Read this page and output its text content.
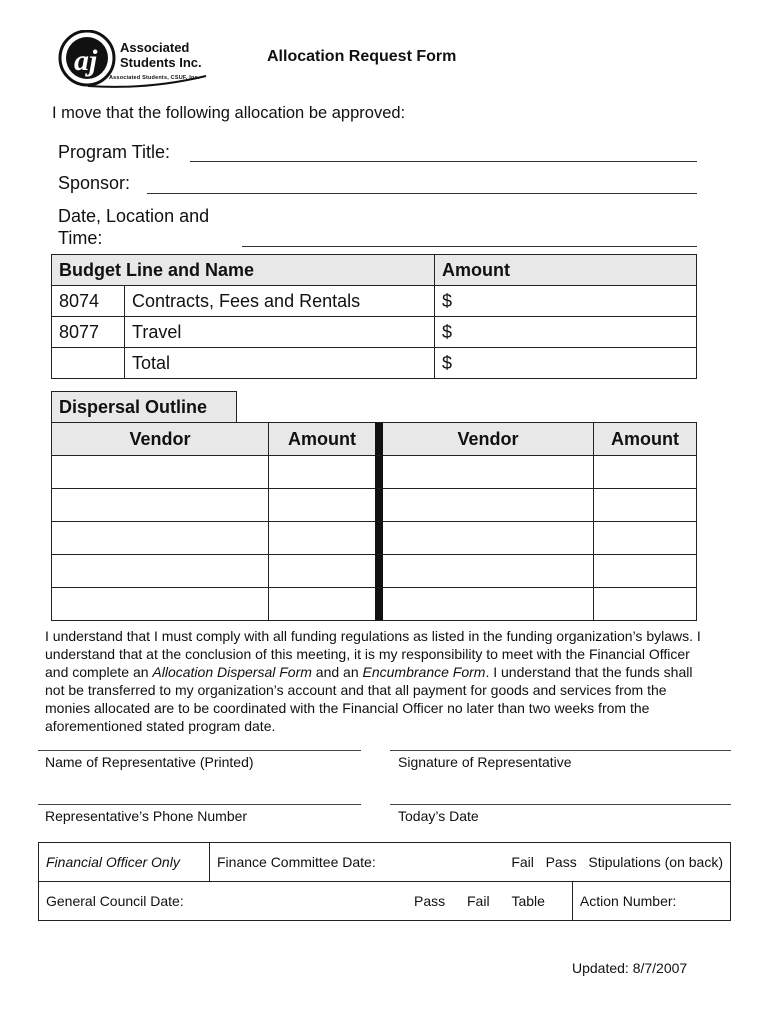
aj Associated
Students Inc.
Associated Students, CSUF, Inc.
Allocation Request Form
I move that the following allocation be approved:
Program Title:
Sponsor:
Date, Location and
Time:
Budget Line and Name		Amount
8074	Contracts, Fees and Rentals	$
8077	Travel	$
	Total	$
Dispersal Outline
Vendor	Amount		Vendor	Amount

I understand that I must comply with all funding regulations as listed in the funding organization’s bylaws. I understand that at the conclusion of this meeting, it is my responsibility to meet with the Financial Officer and complete an Allocation Dispersal Form and an Encumbrance Form. I understand that the funds shall not be transferred to my organization’s account and that all payment for goods and services from the monies allocated are to be coordinated with the Financial Officer no later than two weeks from the aforementioned stated program date.
Name of Representative (Printed)	Signature of Representative
Representative’s Phone Number	Today’s Date
Financial Officer Only	Finance Committee Date: Fail   Pass   Stipulations (on back)	

General Council Date: Pass Fail Table		Action Number:
Updated: 8/7/2007
